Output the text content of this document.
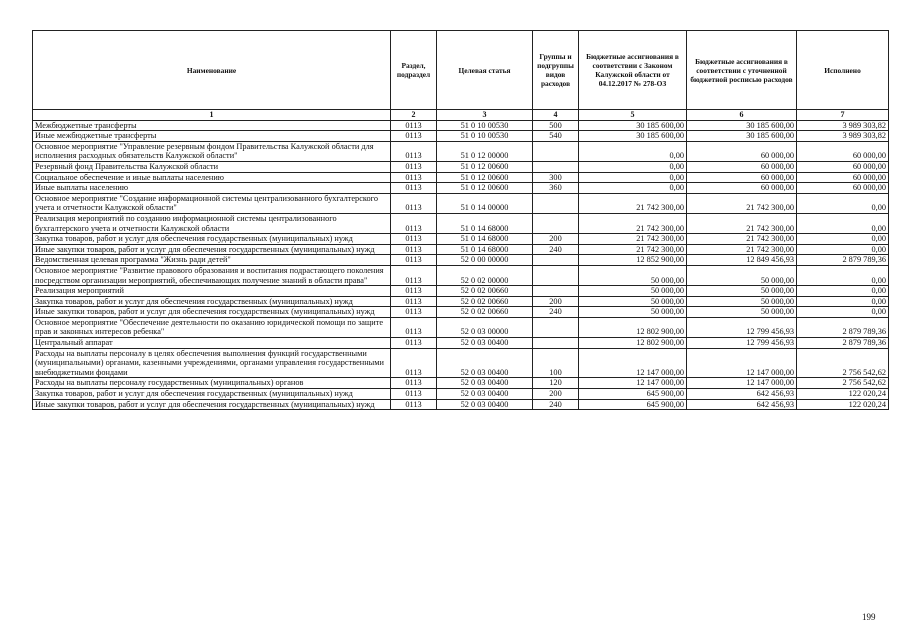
Наименование	Раздел, подраздел	Целевая статья	Группы и подгруппы видов расходов	Бюджетные ассигнования в соответствии с Законом Калужской области от 04.12.2017 № 278-ОЗ	Бюджетные ассигнования в соответствии с уточненной бюджетной росписью расходов	Исполнено
1	2	3	4	5	6	7
Межбюджетные трансферты	0113	51 0 10 00530	500	30 185 600,00	30 185 600,00	3 989 303,82
Иные межбюджетные трансферты	0113	51 0 10 00530	540	30 185 600,00	30 185 600,00	3 989 303,82
Основное мероприятие "Управление резервным фондом Правительства Калужской области для исполнения расходных обязательств Калужской области"	0113	51 0 12 00000		0,00	60 000,00	60 000,00
Резервный фонд Правительства Калужской области	0113	51 0 12 00600		0,00	60 000,00	60 000,00
Социальное обеспечение и иные выплаты населению	0113	51 0 12 00600	300	0,00	60 000,00	60 000,00
Иные выплаты населению	0113	51 0 12 00600	360	0,00	60 000,00	60 000,00
Основное мероприятие "Создание информационной системы централизованного бухгалтерского учета и отчетности Калужской области"	0113	51 0 14 00000		21 742 300,00	21 742 300,00	0,00
Реализация мероприятий по созданию информационной системы централизованного бухгалтерского учета и отчетности Калужской области	0113	51 0 14 68000		21 742 300,00	21 742 300,00	0,00
Закупка товаров, работ и услуг для обеспечения государственных (муниципальных) нужд	0113	51 0 14 68000	200	21 742 300,00	21 742 300,00	0,00
Иные закупки товаров, работ и услуг для обеспечения государственных (муниципальных) нужд	0113	51 0 14 68000	240	21 742 300,00	21 742 300,00	0,00
Ведомственная целевая программа "Жизнь ради детей"	0113	52 0 00 00000		12 852 900,00	12 849 456,93	2 879 789,36
Основное мероприятие "Развитие правового образования и воспитания подрастающего поколения посредством организации мероприятий, обеспечивающих получение знаний в области права"	0113	52 0 02 00000		50 000,00	50 000,00	0,00
Реализация мероприятий	0113	52 0 02 00660		50 000,00	50 000,00	0,00
Закупка товаров, работ и услуг для обеспечения государственных (муниципальных) нужд	0113	52 0 02 00660	200	50 000,00	50 000,00	0,00
Иные закупки товаров, работ и услуг для обеспечения государственных (муниципальных) нужд	0113	52 0 02 00660	240	50 000,00	50 000,00	0,00
Основное мероприятие "Обеспечение деятельности по оказанию юридической помощи по защите прав и законных интересов ребенка"	0113	52 0 03 00000		12 802 900,00	12 799 456,93	2 879 789,36
Центральный аппарат	0113	52 0 03 00400		12 802 900,00	12 799 456,93	2 879 789,36
Расходы на выплаты персоналу в целях обеспечения выполнения функций государственными (муниципальными) органами, казенными учреждениями, органами управления государственными внебюджетными фондами	0113	52 0 03 00400	100	12 147 000,00	12 147 000,00	2 756 542,62
Расходы на выплаты персоналу государственных (муниципальных) органов	0113	52 0 03 00400	120	12 147 000,00	12 147 000,00	2 756 542,62
Закупка товаров, работ и услуг для обеспечения государственных (муниципальных) нужд	0113	52 0 03 00400	200	645 900,00	642 456,93	122 020,24
Иные закупки товаров, работ и услуг для обеспечения государственных (муниципальных) нужд	0113	52 0 03 00400	240	645 900,00	642 456,93	122 020,24
199
